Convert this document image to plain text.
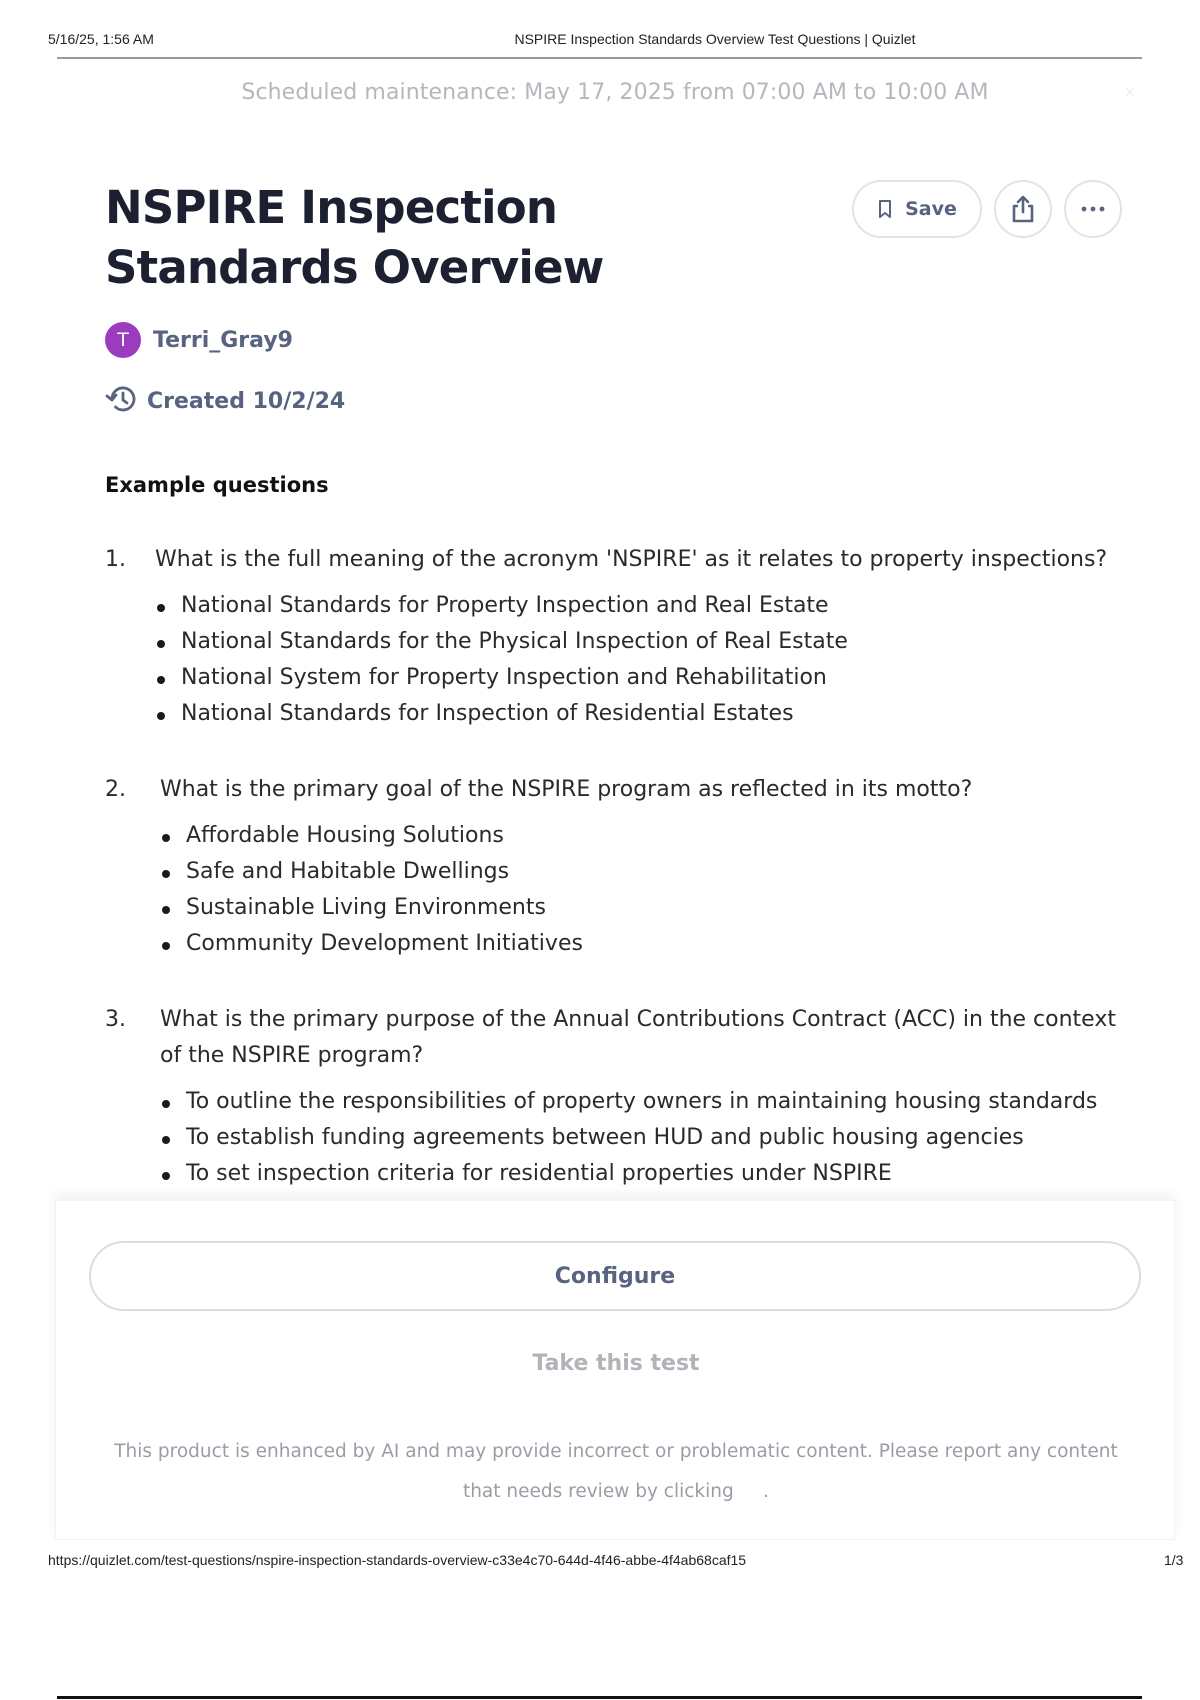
5/16/25, 1:56 AM	NSPIRE Inspection Standards Overview Test Questions | Quizlet
Scheduled maintenance: May 17, 2025 from 07:00 AM to 10:00 AM	×
NSPIRE Inspection Standards Overview
Save
T	Terri_Gray9
Created 10/2/24
Example questions
1.	What is the full meaning of the acronym 'NSPIRE' as it relates to property inspections?
National Standards for Property Inspection and Real Estate
National Standards for the Physical Inspection of Real Estate
National System for Property Inspection and Rehabilitation
National Standards for Inspection of Residential Estates
2.	What is the primary goal of the NSPIRE program as reflected in its motto?
Affordable Housing Solutions
Safe and Habitable Dwellings
Sustainable Living Environments
Community Development Initiatives
3.	What is the primary purpose of the Annual Contributions Contract (ACC) in the context of the NSPIRE program?
To outline the responsibilities of property owners in maintaining housing standards
To establish funding agreements between HUD and public housing agencies
To set inspection criteria for residential properties under NSPIRE
Configure
Take this test
This product is enhanced by AI and may provide incorrect or problematic content. Please report any content
that needs review by clicking .
https://quizlet.com/test-questions/nspire-inspection-standards-overview-c33e4c70-644d-4f46-abbe-4f4ab68caf15	1/3
